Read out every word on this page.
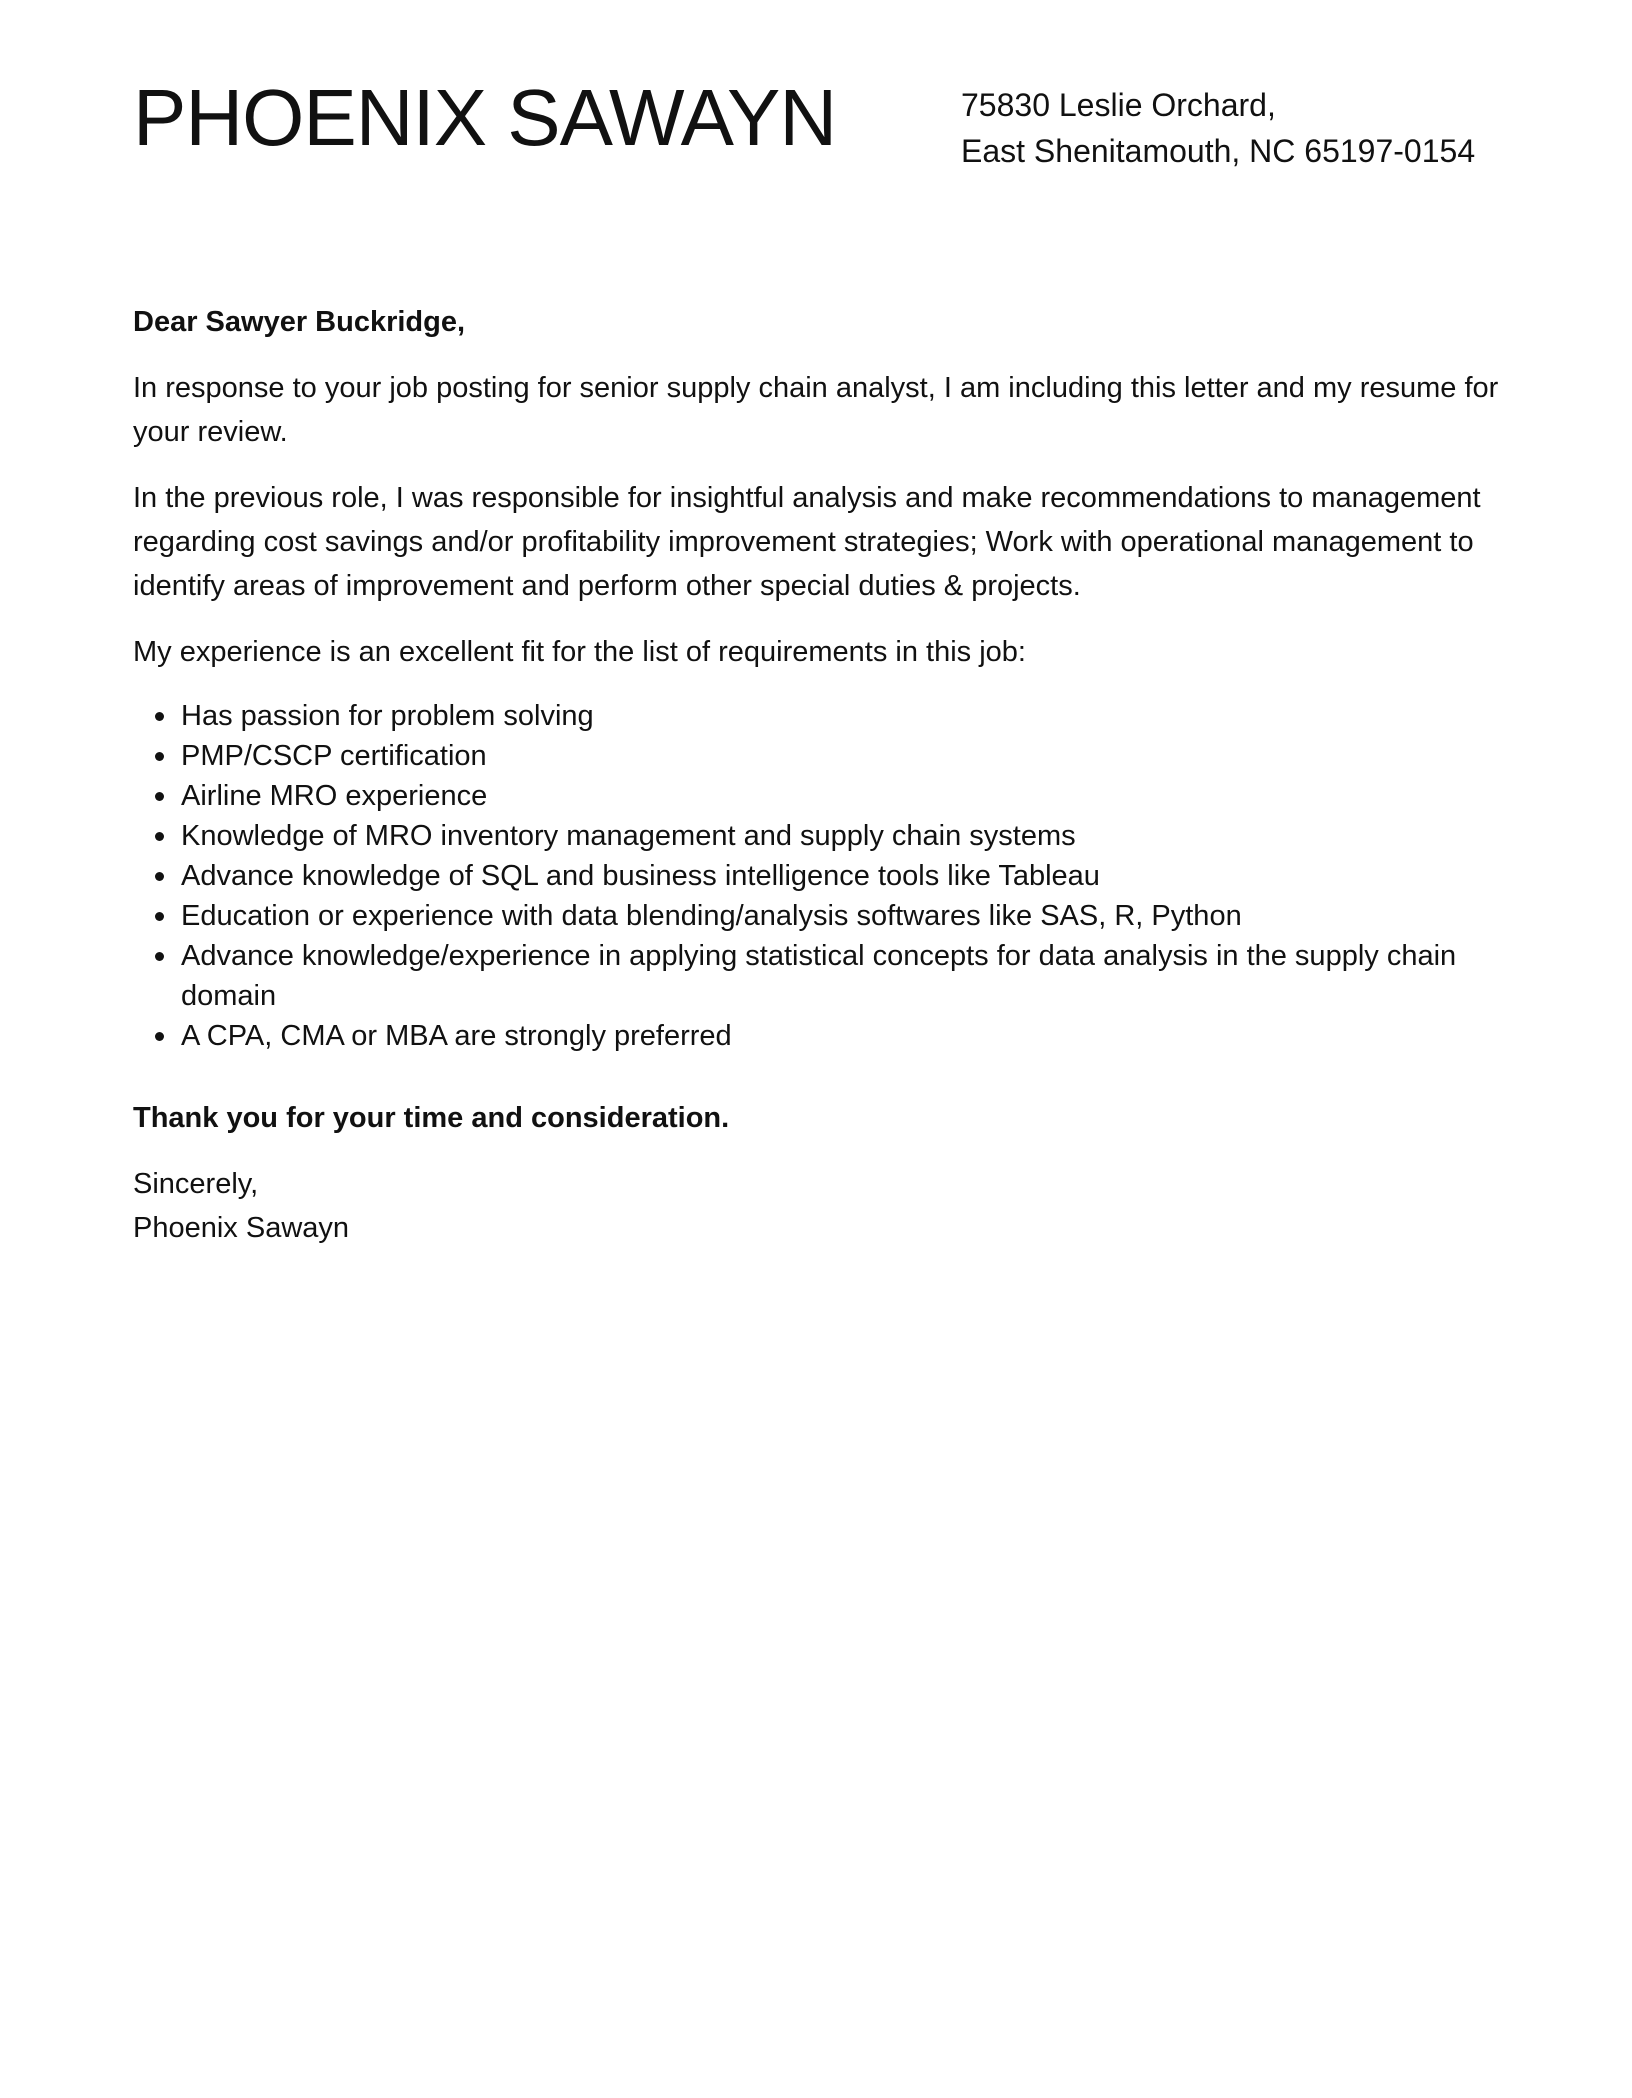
PHOENIX SAWAYN	75830 Leslie Orchard,
East Shenitamouth, NC 65197-0154

Dear Sawyer Buckridge,

In response to your job posting for senior supply chain analyst, I am including this letter and my resume for your review.

In the previous role, I was responsible for insightful analysis and make recommendations to management regarding cost savings and/or profitability improvement strategies; Work with operational management to identify areas of improvement and perform other special duties & projects.

My experience is an excellent fit for the list of requirements in this job:

Has passion for problem solving
PMP/CSCP certification
Airline MRO experience
Knowledge of MRO inventory management and supply chain systems
Advance knowledge of SQL and business intelligence tools like Tableau
Education or experience with data blending/analysis softwares like SAS, R, Python
Advance knowledge/experience in applying statistical concepts for data analysis in the supply chain domain
A CPA, CMA or MBA are strongly preferred

Thank you for your time and consideration.

Sincerely,
Phoenix Sawayn
